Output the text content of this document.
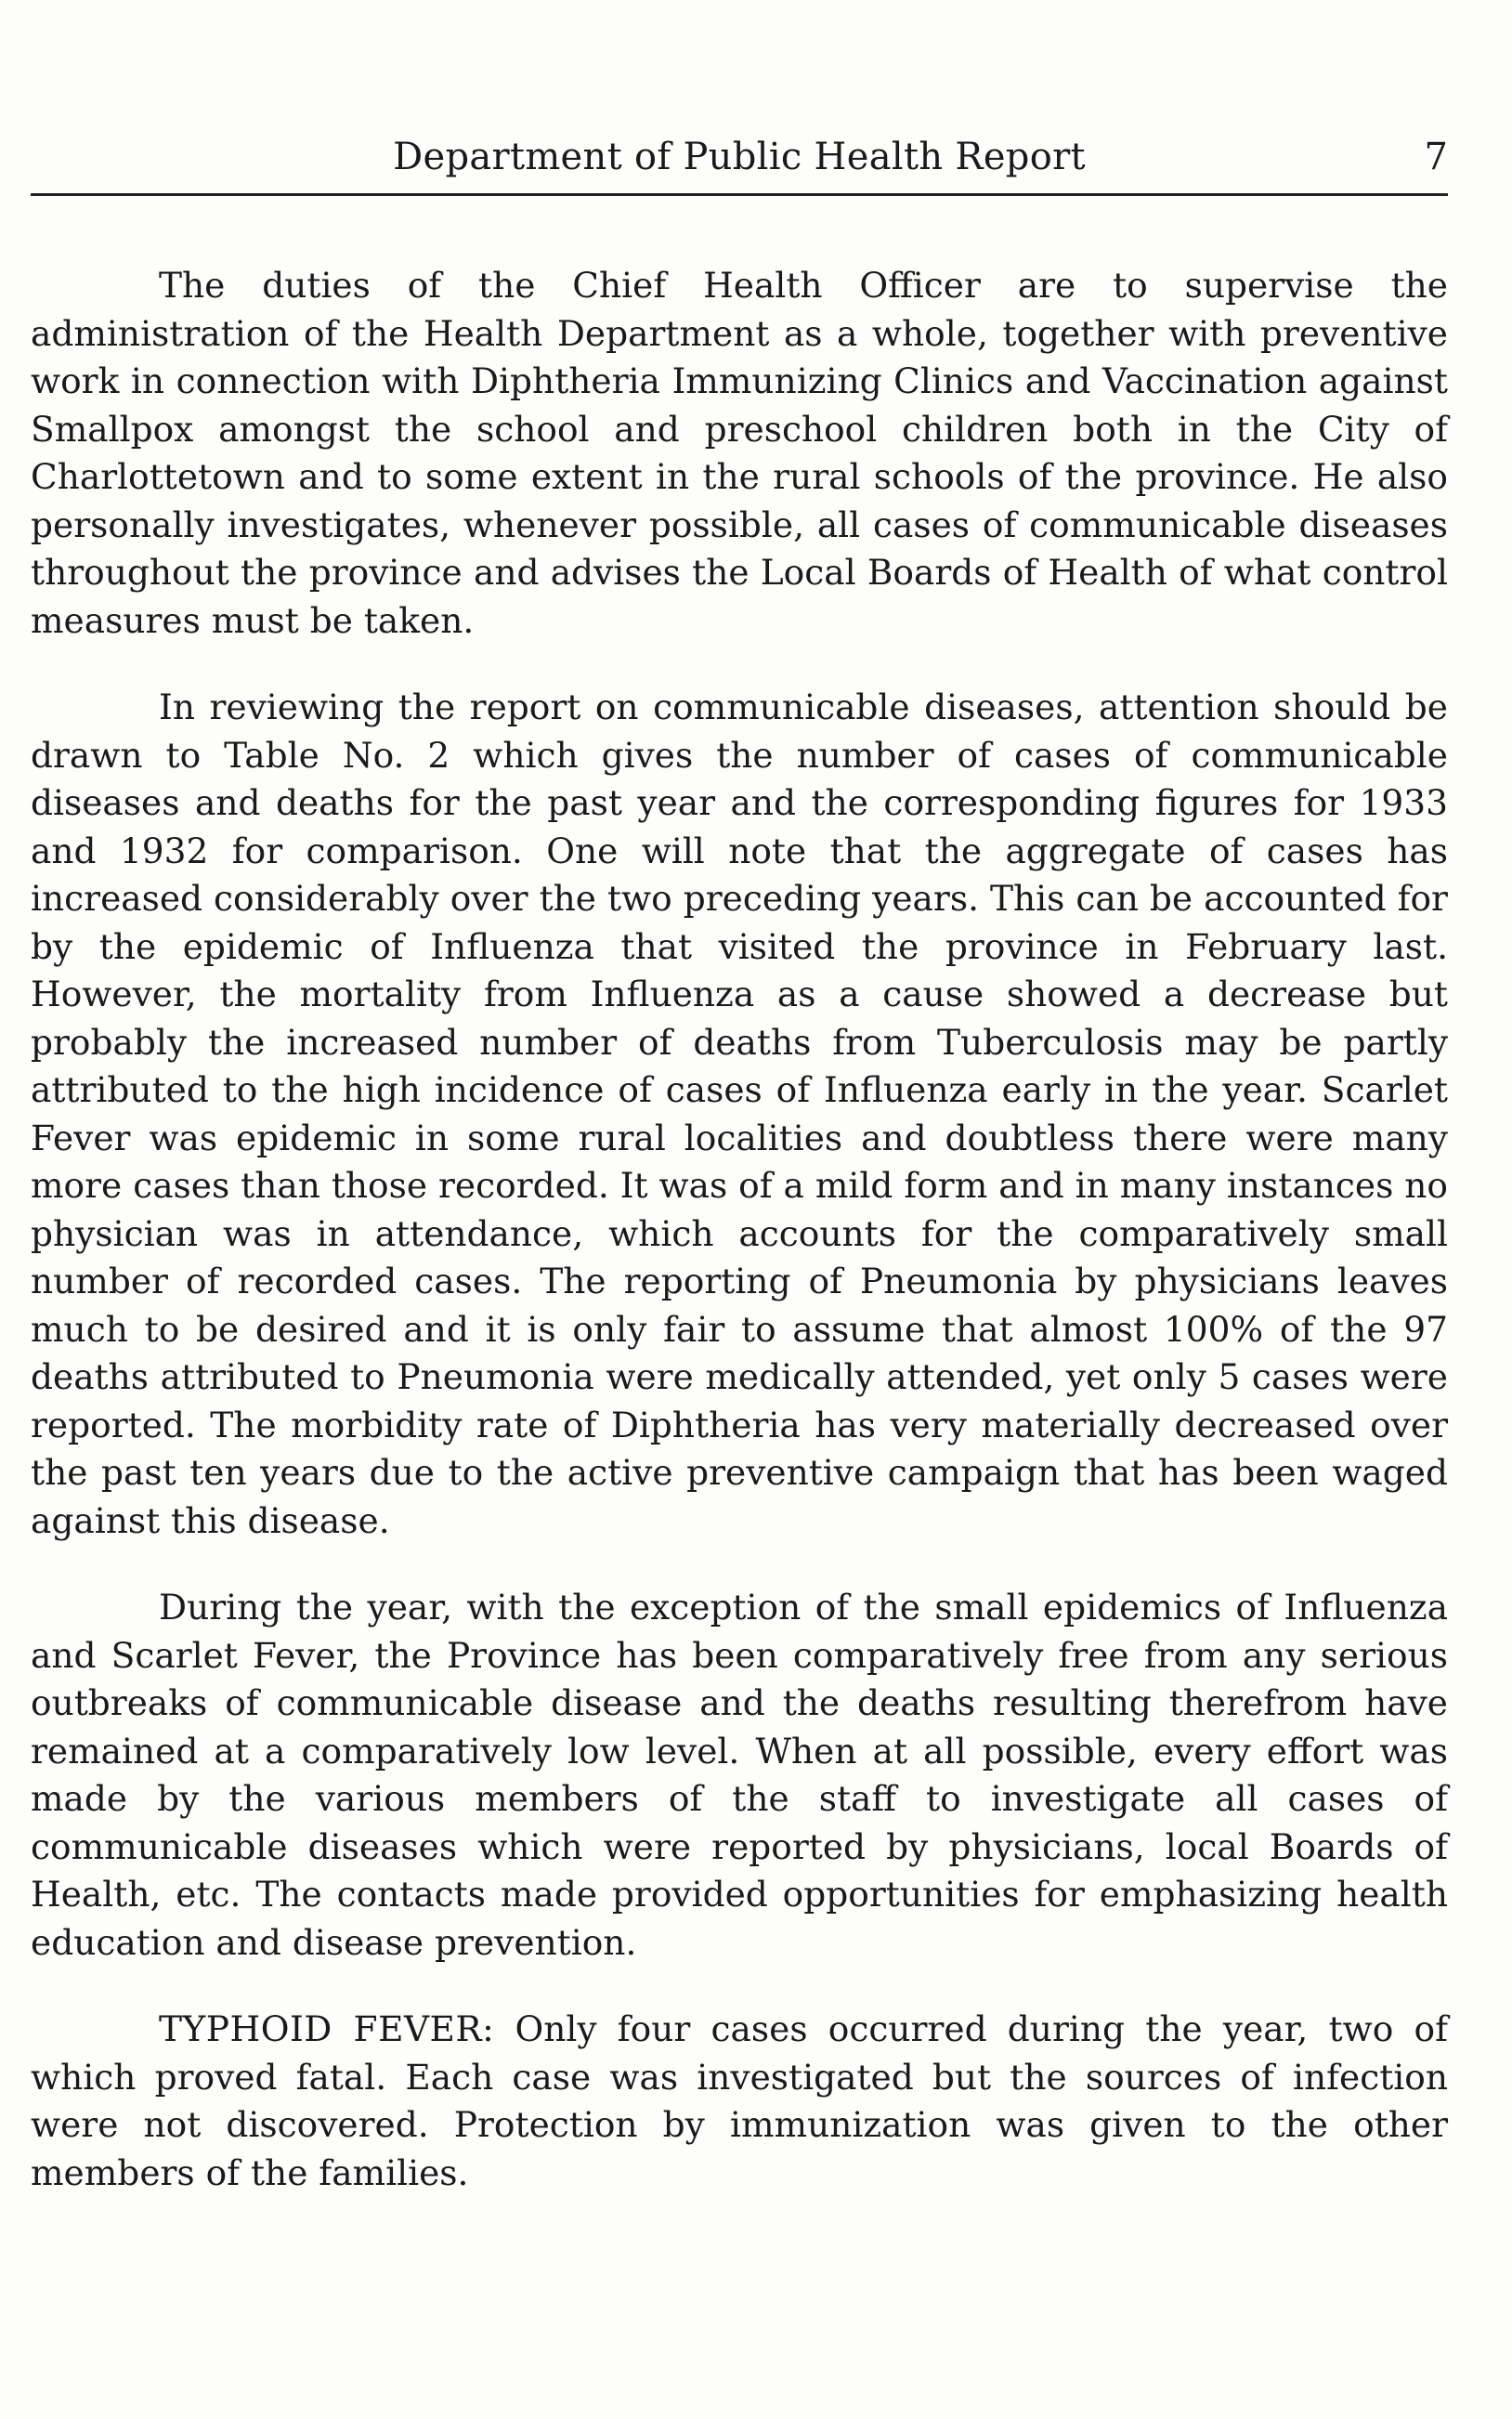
Department of Public Health Report	7

The duties of the Chief Health Officer are to supervise the administration of the Health Department as a whole, together with preventive work in connection with Diphtheria Immunizing Clinics and Vaccination against Smallpox amongst the school and preschool children both in the City of Charlottetown and to some extent in the rural schools of the province. He also personally investigates, whenever possible, all cases of communicable diseases throughout the province and advises the Local Boards of Health of what control measures must be taken.

In reviewing the report on communicable diseases, attention should be drawn to Table No. 2 which gives the number of cases of communicable diseases and deaths for the past year and the corresponding figures for 1933 and 1932 for comparison. One will note that the aggregate of cases has increased considerably over the two preceding years. This can be accounted for by the epidemic of Influenza that visited the province in February last. However, the mortality from Influenza as a cause showed a decrease but probably the increased number of deaths from Tuberculosis may be partly attributed to the high incidence of cases of Influenza early in the year. Scarlet Fever was epidemic in some rural localities and doubtless there were many more cases than those recorded. It was of a mild form and in many instances no physician was in attendance, which accounts for the comparatively small number of recorded cases. The reporting of Pneumonia by physicians leaves much to be desired and it is only fair to assume that almost 100% of the 97 deaths attributed to Pneumonia were medically attended, yet only 5 cases were reported. The morbidity rate of Diphtheria has very materially decreased over the past ten years due to the active preventive campaign that has been waged against this disease.

During the year, with the exception of the small epidemics of Influenza and Scarlet Fever, the Province has been comparatively free from any serious outbreaks of communicable disease and the deaths resulting therefrom have remained at a comparatively low level. When at all possible, every effort was made by the various members of the staff to investigate all cases of communicable diseases which were reported by physicians, local Boards of Health, etc. The contacts made provided opportunities for emphasizing health education and disease prevention.

TYPHOID FEVER: Only four cases occurred during the year, two of which proved fatal. Each case was investigated but the sources of infection were not discovered. Protection by immunization was given to the other members of the families.
